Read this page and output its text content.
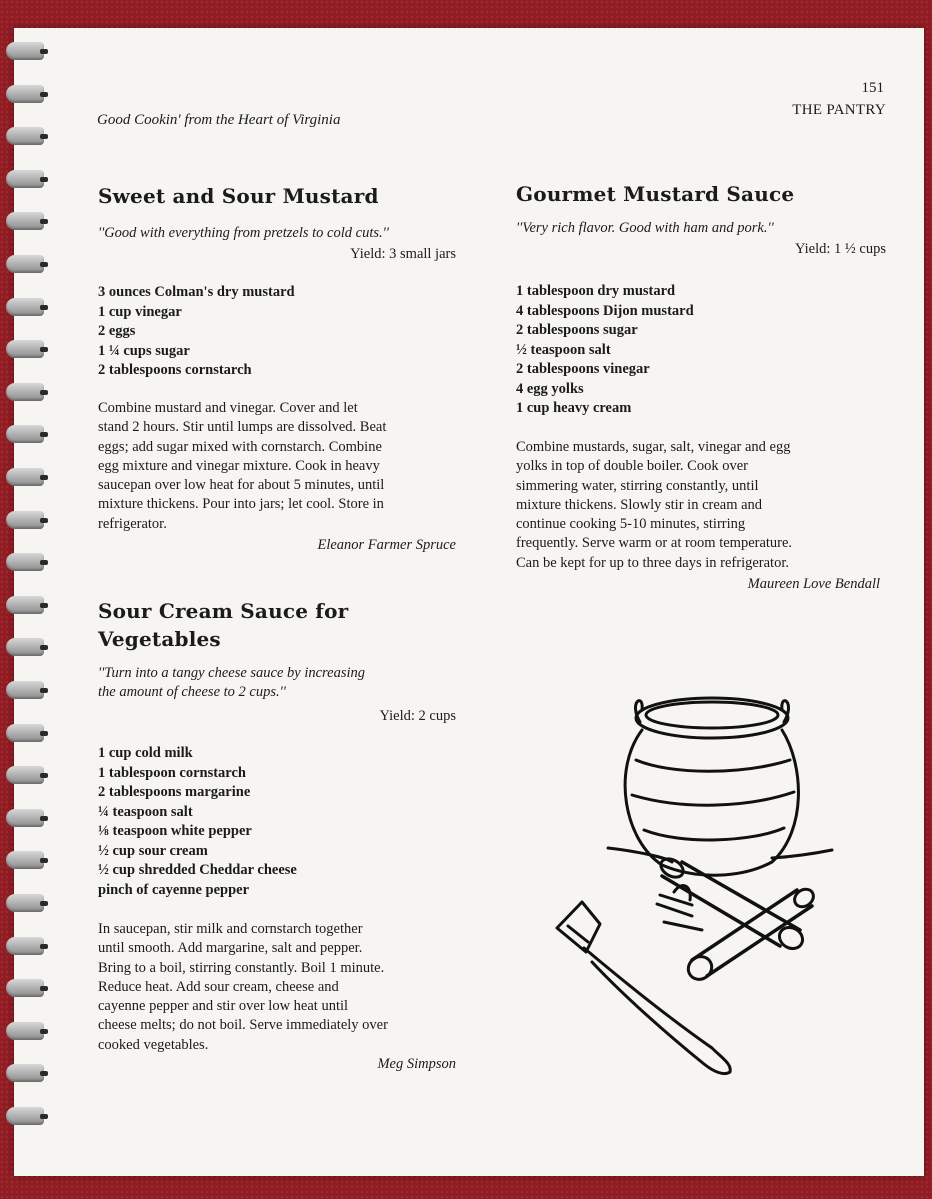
Good Cookin' from the Heart of Virginia
151
THE PANTRY
Sweet and Sour Mustard
''Good with everything from pretzels to cold cuts.''
Yield: 3 small jars
3 ounces Colman's dry mustard
1 cup vinegar
2 eggs
1 ¼ cups sugar
2 tablespoons cornstarch
Combine mustard and vinegar. Cover and let
stand 2 hours. Stir until lumps are dissolved. Beat
eggs; add sugar mixed with cornstarch. Combine
egg mixture and vinegar mixture. Cook in heavy
saucepan over low heat for about 5 minutes, until
mixture thickens. Pour into jars; let cool. Store in
refrigerator.
Eleanor Farmer Spruce
Sour Cream Sauce for
Vegetables
''Turn into a tangy cheese sauce by increasing
the amount of cheese to 2 cups.''
Yield: 2 cups
1 cup cold milk
1 tablespoon cornstarch
2 tablespoons margarine
¼ teaspoon salt
⅛ teaspoon white pepper
½ cup sour cream
½ cup shredded Cheddar cheese
pinch of cayenne pepper
In saucepan, stir milk and cornstarch together
until smooth. Add margarine, salt and pepper.
Bring to a boil, stirring constantly. Boil 1 minute.
Reduce heat. Add sour cream, cheese and
cayenne pepper and stir over low heat until
cheese melts; do not boil. Serve immediately over
cooked vegetables.
Meg Simpson
Gourmet Mustard Sauce
''Very rich flavor. Good with ham and pork.''
Yield: 1 ½ cups
1 tablespoon dry mustard
4 tablespoons Dijon mustard
2 tablespoons sugar
½ teaspoon salt
2 tablespoons vinegar
4 egg yolks
1 cup heavy cream
Combine mustards, sugar, salt, vinegar and egg
yolks in top of double boiler. Cook over
simmering water, stirring constantly, until
mixture thickens. Slowly stir in cream and
continue cooking 5-10 minutes, stirring
frequently. Serve warm or at room temperature.
Can be kept for up to three days in refrigerator.
Maureen Love Bendall
